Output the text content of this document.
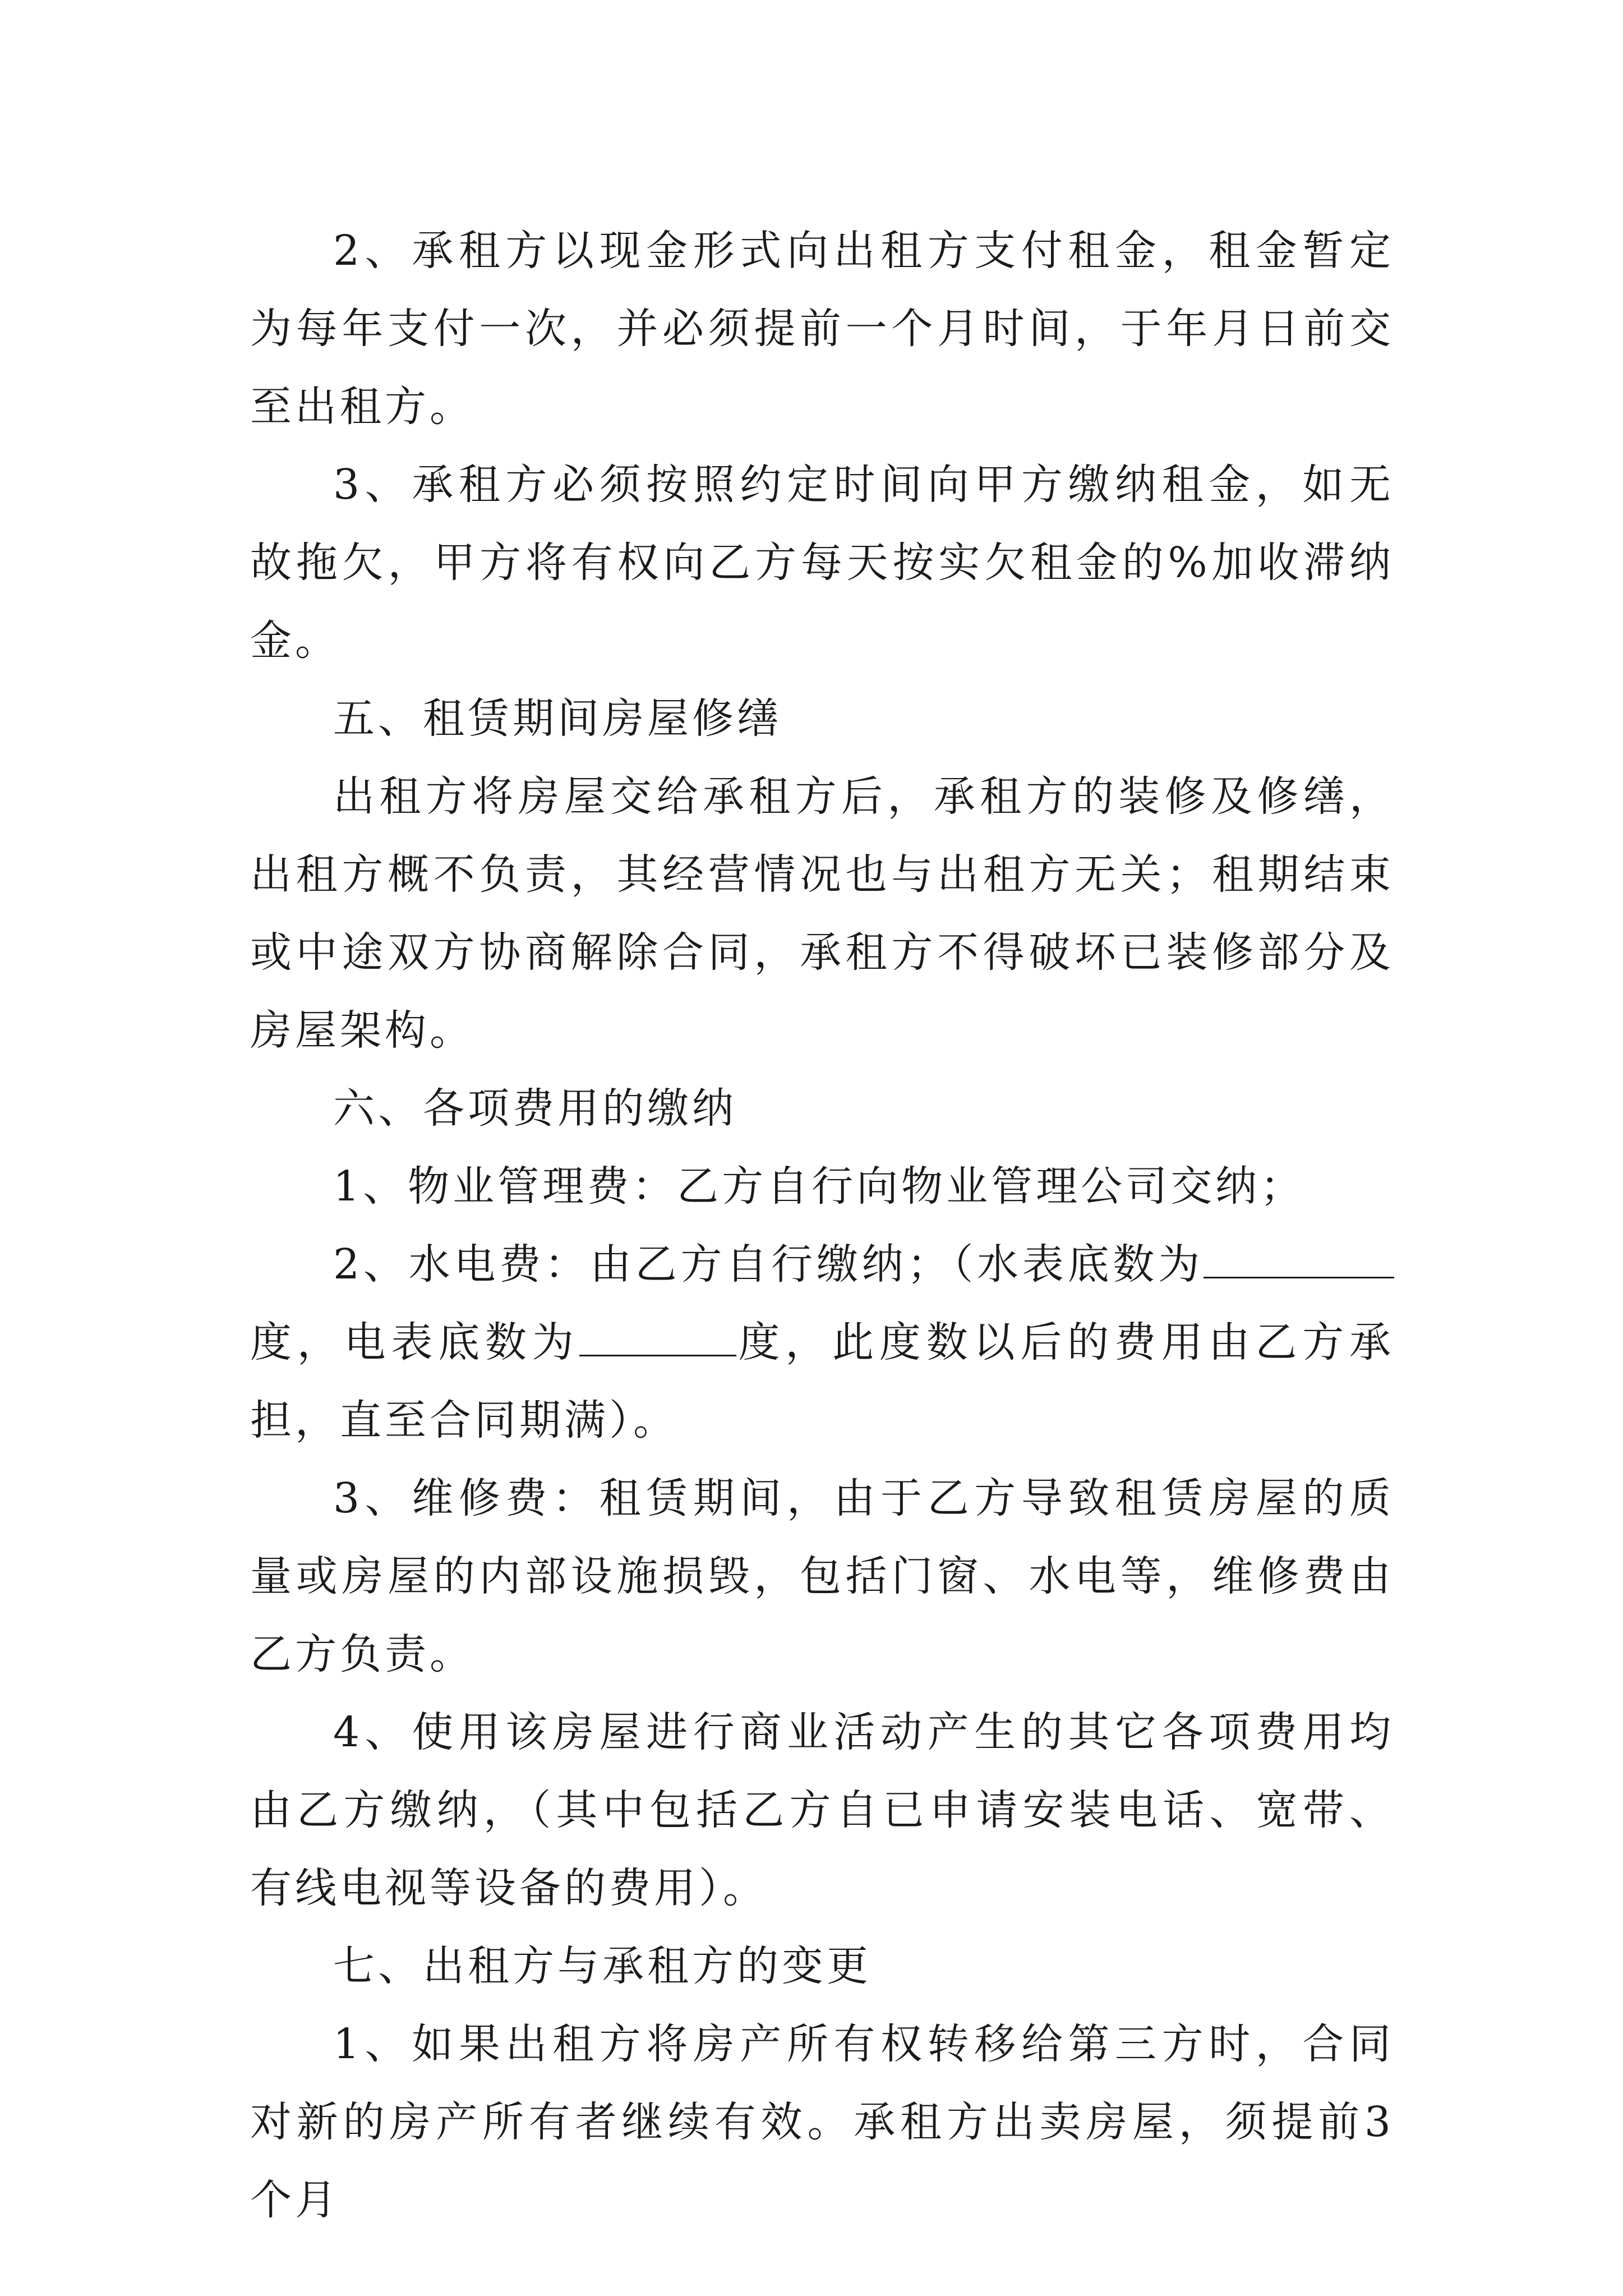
2、承租方以现金形式向出租方支付租金，租金暂定为每年支付一次，并必须提前一个月时间，于年月日前交至出租方。

3、承租方必须按照约定时间向甲方缴纳租金，如无故拖欠，甲方将有权向乙方每天按实欠租金的%加收滞纳金。

五、租赁期间房屋修缮

出租方将房屋交给承租方后，承租方的装修及修缮，出租方概不负责，其经营情况也与出租方无关；租期结束或中途双方协商解除合同，承租方不得破坏已装修部分及房屋架构。

六、各项费用的缴纳

1、物业管理费：乙方自行向物业管理公司交纳；

2、水电费：由乙方自行缴纳；（水表底数为度，电表底数为	度，此度数以后的费用由乙方承担，直至合同期满）。

3、维修费：租赁期间，由于乙方导致租赁房屋的质量或房屋的内部设施损毁，包括门窗、水电等，维修费由乙方负责。

4、使用该房屋进行商业活动产生的其它各项费用均由乙方缴纳，（其中包括乙方自已申请安装电话、宽带、有线电视等设备的费用）。

七、出租方与承租方的变更

1、如果出租方将房产所有权转移给第三方时，合同对新的房产所有者继续有效。承租方出卖房屋，须提前3个月
